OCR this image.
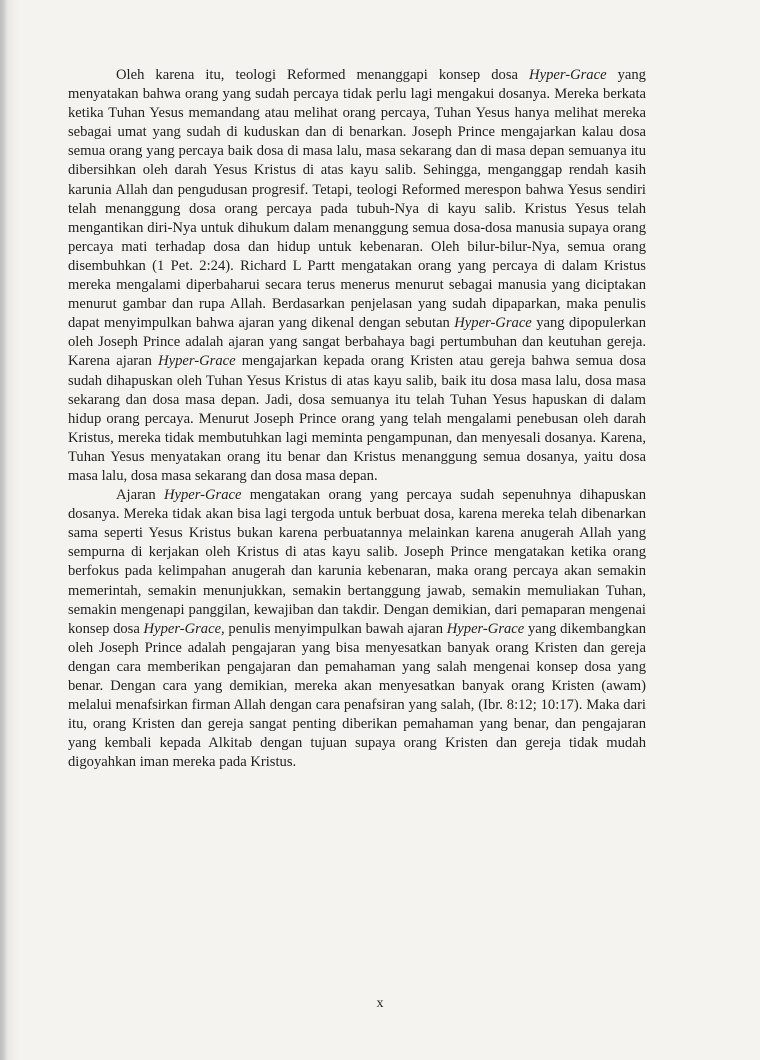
Oleh karena itu, teologi Reformed menanggapi konsep dosa Hyper-Grace yang menyatakan bahwa orang yang sudah percaya tidak perlu lagi mengakui dosanya. Mereka berkata ketika Tuhan Yesus memandang atau melihat orang percaya, Tuhan Yesus hanya melihat mereka sebagai umat yang sudah di kuduskan dan di benarkan. Joseph Prince mengajarkan kalau dosa semua orang yang percaya baik dosa di masa lalu, masa sekarang dan di masa depan semuanya itu dibersihkan oleh darah Yesus Kristus di atas kayu salib. Sehingga, menganggap rendah kasih karunia Allah dan pengudusan progresif. Tetapi, teologi Reformed merespon bahwa Yesus sendiri telah menanggung dosa orang percaya pada tubuh-Nya di kayu salib. Kristus Yesus telah mengantikan diri-Nya untuk dihukum dalam menanggung semua dosa-dosa manusia supaya orang percaya mati terhadap dosa dan hidup untuk kebenaran. Oleh bilur-bilur-Nya, semua orang disembuhkan (1 Pet. 2:24). Richard L Partt mengatakan orang yang percaya di dalam Kristus mereka mengalami diperbaharui secara terus menerus menurut sebagai manusia yang diciptakan menurut gambar dan rupa Allah. Berdasarkan penjelasan yang sudah dipaparkan, maka penulis dapat menyimpulkan bahwa ajaran yang dikenal dengan sebutan Hyper-Grace yang dipopulerkan oleh Joseph Prince adalah ajaran yang sangat berbahaya bagi pertumbuhan dan keutuhan gereja. Karena ajaran Hyper-Grace mengajarkan kepada orang Kristen atau gereja bahwa semua dosa sudah dihapuskan oleh Tuhan Yesus Kristus di atas kayu salib, baik itu dosa masa lalu, dosa masa sekarang dan dosa masa depan. Jadi, dosa semuanya itu telah Tuhan Yesus hapuskan di dalam hidup orang percaya. Menurut Joseph Prince orang yang telah mengalami penebusan oleh darah Kristus, mereka tidak membutuhkan lagi meminta pengampunan, dan menyesali dosanya. Karena, Tuhan Yesus menyatakan orang itu benar dan Kristus menanggung semua dosanya, yaitu dosa masa lalu, dosa masa sekarang dan dosa masa depan.

Ajaran Hyper-Grace mengatakan orang yang percaya sudah sepenuhnya dihapuskan dosanya. Mereka tidak akan bisa lagi tergoda untuk berbuat dosa, karena mereka telah dibenarkan sama seperti Yesus Kristus bukan karena perbuatannya melainkan karena anugerah Allah yang sempurna di kerjakan oleh Kristus di atas kayu salib. Joseph Prince mengatakan ketika orang berfokus pada kelimpahan anugerah dan karunia kebenaran, maka orang percaya akan semakin memerintah, semakin menunjukkan, semakin bertanggung jawab, semakin memuliakan Tuhan, semakin mengenapi panggilan, kewajiban dan takdir. Dengan demikian, dari pemaparan mengenai konsep dosa Hyper-Grace, penulis menyimpulkan bawah ajaran Hyper-Grace yang dikembangkan oleh Joseph Prince adalah pengajaran yang bisa menyesatkan banyak orang Kristen dan gereja dengan cara memberikan pengajaran dan pemahaman yang salah mengenai konsep dosa yang benar. Dengan cara yang demikian, mereka akan menyesatkan banyak orang Kristen (awam) melalui menafsirkan firman Allah dengan cara penafsiran yang salah, (Ibr. 8:12; 10:17). Maka dari itu, orang Kristen dan gereja sangat penting diberikan pemahaman yang benar, dan pengajaran yang kembali kepada Alkitab dengan tujuan supaya orang Kristen dan gereja tidak mudah digoyahkan iman mereka pada Kristus.

x
